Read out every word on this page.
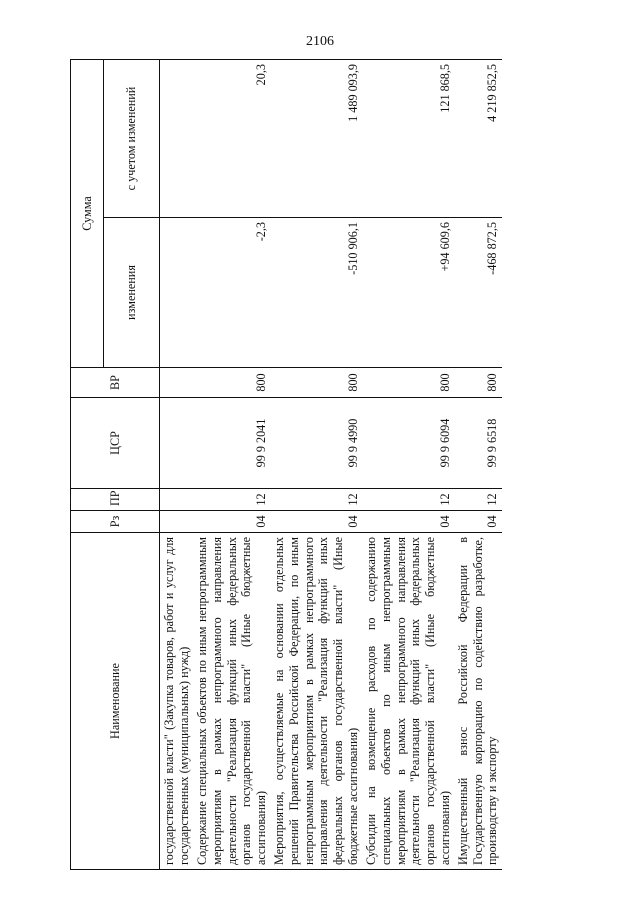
2106
Наименование	Рз	ПР	ЦСР	ВР	Сумма	
					изменения	с учетом изменений
государственной власти" (Закупка товаров, работ и услуг для государственных (муниципальных) нужд)						
Содержание специальных объектов по иным непрограммным мероприятиям в рамках непрограммного направления деятельности "Реализация функций иных федеральных органов государственной власти" (Иные бюджетные ассигнования)	04	12	99 9 2041	800	-2,3	20,3
Мероприятия, осуществляемые на основании отдельных решений Правительства Российской Федерации, по иным непрограммным мероприятиям в рамках непрограммного направления деятельности "Реализация функций иных федеральных органов государственной власти" (Иные бюджетные ассигнования)	04	12	99 9 4990	800	-510 906,1	1 489 093,9
Субсидии на возмещение расходов по содержанию специальных объектов по иным непрограммным мероприятиям в рамках непрограммного направления деятельности "Реализация функций иных федеральных органов государственной власти" (Иные бюджетные ассигнования)	04	12	99 9 6094	800	+94 609,6	121 868,5
Имущественный взнос Российской Федерации в Государственную корпорацию по содействию разработке, производству и экспорту	04	12	99 9 6518	800	-468 872,5	4 219 852,5
